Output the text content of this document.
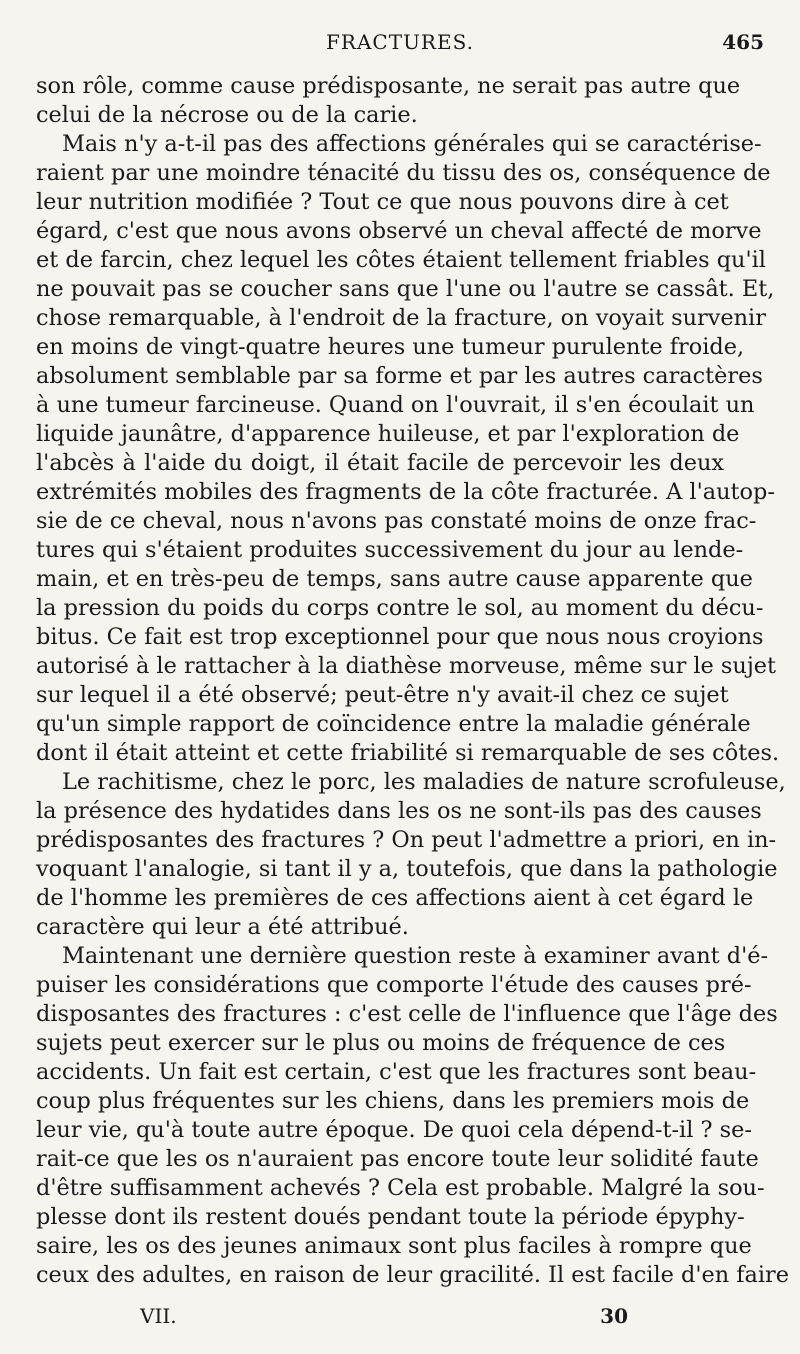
FRACTURES.	465
son rôle, comme cause prédisposante, ne serait pas autre que
celui de la nécrose ou de la carie.
Mais n'y a-t-il pas des affections générales qui se caractérise-
raient par une moindre ténacité du tissu des os, conséquence de
leur nutrition modifiée ? Tout ce que nous pouvons dire à cet
égard, c'est que nous avons observé un cheval affecté de morve
et de farcin, chez lequel les côtes étaient tellement friables qu'il
ne pouvait pas se coucher sans que l'une ou l'autre se cassât. Et,
chose remarquable, à l'endroit de la fracture, on voyait survenir
en moins de vingt-quatre heures une tumeur purulente froide,
absolument semblable par sa forme et par les autres caractères
à une tumeur farcineuse. Quand on l'ouvrait, il s'en écoulait un
liquide jaunâtre, d'apparence huileuse, et par l'exploration de
l'abcès à l'aide du doigt, il était facile de percevoir les deux
extrémités mobiles des fragments de la côte fracturée. A l'autop-
sie de ce cheval, nous n'avons pas constaté moins de onze frac-
tures qui s'étaient produites successivement du jour au lende-
main, et en très-peu de temps, sans autre cause apparente que
la pression du poids du corps contre le sol, au moment du décu-
bitus. Ce fait est trop exceptionnel pour que nous nous croyions
autorisé à le rattacher à la diathèse morveuse, même sur le sujet
sur lequel il a été observé; peut-être n'y avait-il chez ce sujet
qu'un simple rapport de coïncidence entre la maladie générale
dont il était atteint et cette friabilité si remarquable de ses côtes.
Le rachitisme, chez le porc, les maladies de nature scrofuleuse,
la présence des hydatides dans les os ne sont-ils pas des causes
prédisposantes des fractures ? On peut l'admettre a priori, en in-
voquant l'analogie, si tant il y a, toutefois, que dans la pathologie
de l'homme les premières de ces affections aient à cet égard le
caractère qui leur a été attribué.
Maintenant une dernière question reste à examiner avant d'é-
puiser les considérations que comporte l'étude des causes pré-
disposantes des fractures : c'est celle de l'influence que l'âge des
sujets peut exercer sur le plus ou moins de fréquence de ces
accidents. Un fait est certain, c'est que les fractures sont beau-
coup plus fréquentes sur les chiens, dans les premiers mois de
leur vie, qu'à toute autre époque. De quoi cela dépend-t-il ? se-
rait-ce que les os n'auraient pas encore toute leur solidité faute
d'être suffisamment achevés ? Cela est probable. Malgré la sou-
plesse dont ils restent doués pendant toute la période épyphy-
saire, les os des jeunes animaux sont plus faciles à rompre que
ceux des adultes, en raison de leur gracilité. Il est facile d'en faire
VII.	30
